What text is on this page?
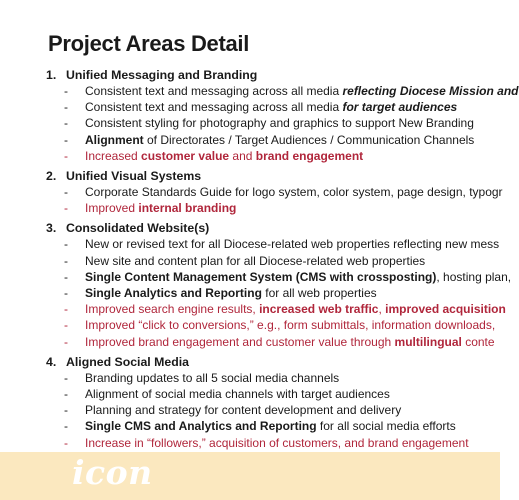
Project Areas Detail
1. Unified Messaging and Branding
- Consistent text and messaging across all media reflecting Diocese Mission and
- Consistent text and messaging across all media for target audiences
- Consistent styling for photography and graphics to support New Branding
- Alignment of Directorates / Target Audiences / Communication Channels
- Increased customer value and brand engagement
2. Unified Visual Systems
- Corporate Standards Guide for logo system, color system, page design, typogr
- Improved internal branding
3. Consolidated Website(s)
- New or revised text for all Diocese-related web properties reflecting new mess
- New site and content plan for all Diocese-related web properties
- Single Content Management System (CMS with crossposting), hosting plan,
- Single Analytics and Reporting for all web properties
- Improved search engine results, increased web traffic, improved acquisition
- Improved “click to conversions,” e.g., form submittals, information downloads,
- Improved brand engagement and customer value through multilingual conte
4. Aligned Social Media
- Branding updates to all 5 social media channels
- Alignment of social media channels with target audiences
- Planning and strategy for content development and delivery
- Single CMS and Analytics and Reporting for all social media efforts
- Increase in “followers,” acquisition of customers, and brand engagement
icon
